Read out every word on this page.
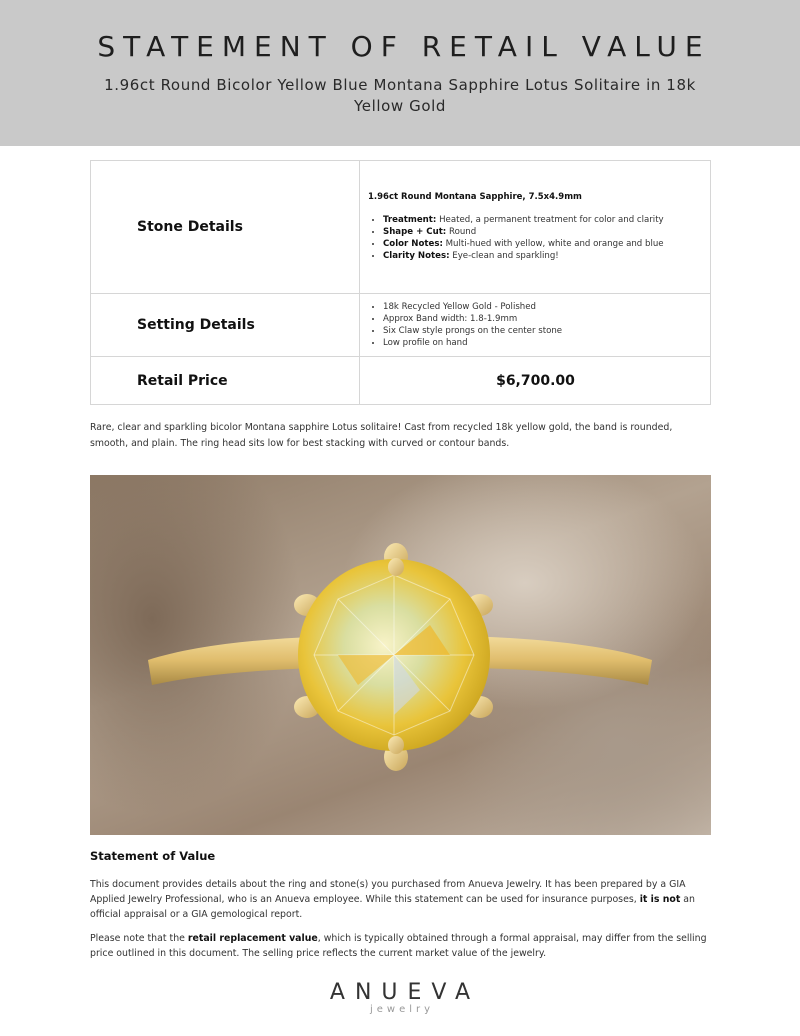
STATEMENT OF RETAIL VALUE
1.96ct Round Bicolor Yellow Blue Montana Sapphire Lotus Solitaire in 18k Yellow Gold
Stone Details
1.96ct Round Montana Sapphire, 7.5x4.9mm
• Treatment: Heated, a permanent treatment for color and clarity
• Shape + Cut: Round
• Color Notes: Multi-hued with yellow, white and orange and blue
• Clarity Notes: Eye-clean and sparkling!
Setting Details
• 18k Recycled Yellow Gold - Polished
• Approx Band width: 1.8-1.9mm
• Six Claw style prongs on the center stone
• Low profile on hand
Retail Price	$6,700.00
Rare, clear and sparkling bicolor Montana sapphire Lotus solitaire! Cast from recycled 18k yellow gold, the band is rounded, smooth, and plain. The ring head sits low for best stacking with curved or contour bands.
Statement of Value

This document provides details about the ring and stone(s) you purchased from Anueva Jewelry. It has been prepared by a GIA Applied Jewelry Professional, who is an Anueva employee. While this statement can be used for insurance purposes, it is not an official appraisal or a GIA gemological report.

Please note that the retail replacement value, which is typically obtained through a formal appraisal, may differ from the selling price outlined in this document. The selling price reflects the current market value of the jewelry.

ANUEVA
jewelry
